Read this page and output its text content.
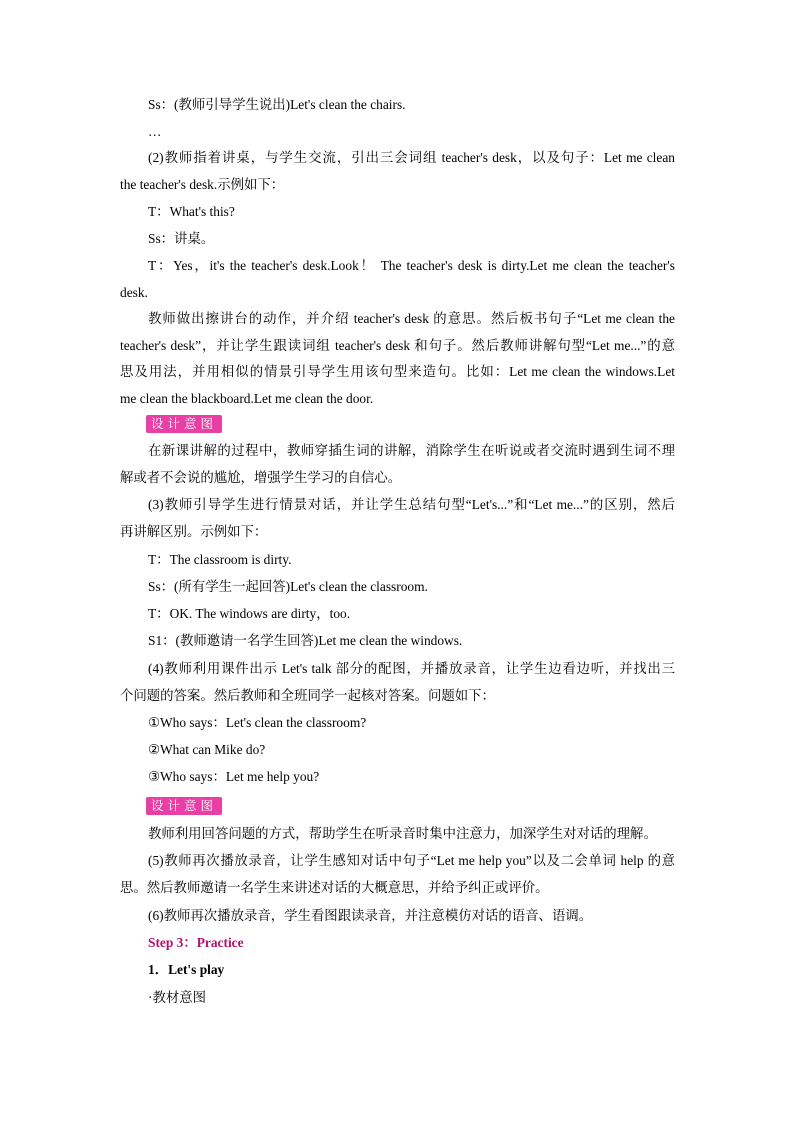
Ss：(教师引导学生说出)Let's clean the chairs.
…
(2)教师指着讲桌，与学生交流，引出三会词组 teacher's desk，以及句子：Let me clean
the teacher's desk.示例如下：
T：What's this?
Ss：讲桌。
T：Yes，it's the teacher's desk.Look！ The teacher's desk is dirty.Let me clean the teacher's
desk.
教师做出擦讲台的动作，并介绍 teacher's desk 的意思。然后板书句子“Let me clean the
teacher's desk”，并让学生跟读词组 teacher's desk 和句子。然后教师讲解句型“Let me...”的意
思及用法，并用相似的情景引导学生用该句型来造句。比如：Let me clean the windows.Let
me clean the blackboard.Let me clean the door.
设计意图
在新课讲解的过程中，教师穿插生词的讲解，消除学生在听说或者交流时遇到生词不理
解或者不会说的尴尬，增强学生学习的自信心。
(3)教师引导学生进行情景对话，并让学生总结句型“Let's...”和“Let me...”的区别，然后
再讲解区别。示例如下：
T：The classroom is dirty.
Ss：(所有学生一起回答)Let's clean the classroom.
T：OK. The windows are dirty，too.
S1：(教师邀请一名学生回答)Let me clean the windows.
(4)教师利用课件出示 Let's talk 部分的配图，并播放录音，让学生边看边听，并找出三
个问题的答案。然后教师和全班同学一起核对答案。问题如下：
①Who says：Let's clean the classroom?
②What can Mike do?
③Who says：Let me help you?
设计意图
教师利用回答问题的方式，帮助学生在听录音时集中注意力，加深学生对对话的理解。
(5)教师再次播放录音，让学生感知对话中句子“Let me help you”以及二会单词 help 的意
思。然后教师邀请一名学生来讲述对话的大概意思，并给予纠正或评价。
(6)教师再次播放录音，学生看图跟读录音，并注意模仿对话的语音、语调。
Step 3：Practice
1．Let's play
·教材意图
